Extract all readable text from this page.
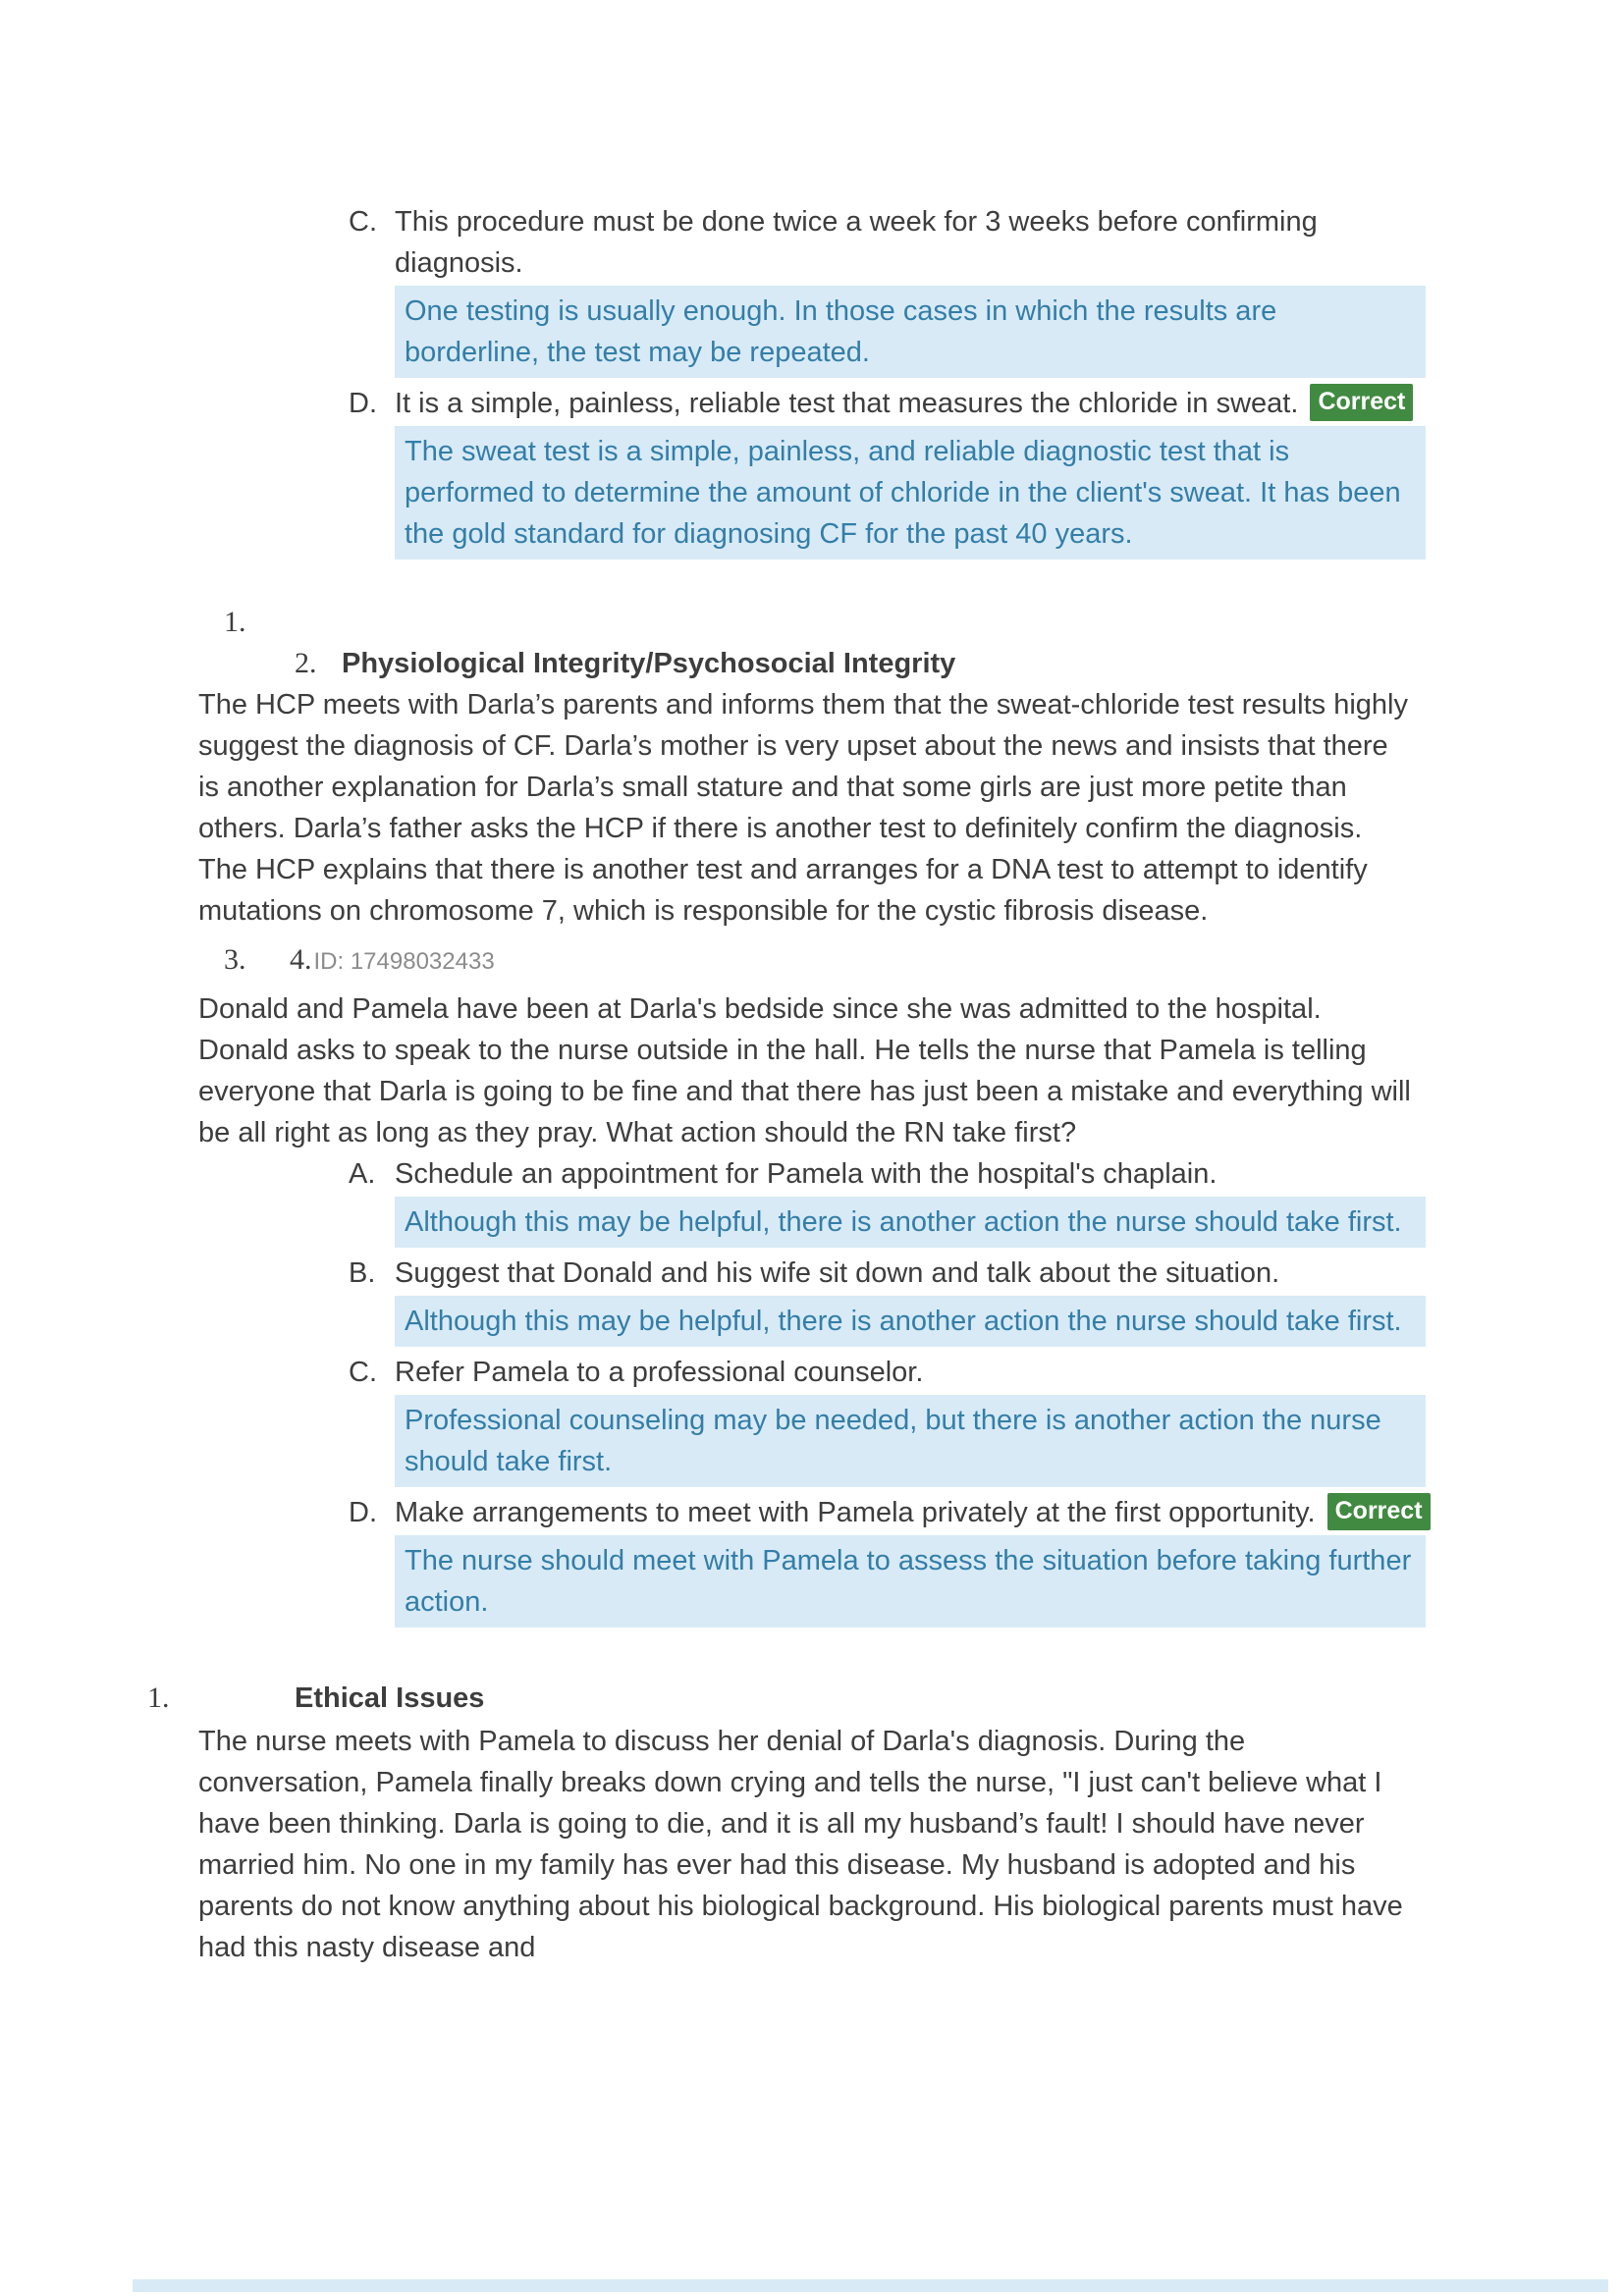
C. This procedure must be done twice a week for 3 weeks before confirming diagnosis.

One testing is usually enough. In those cases in which the results are borderline, the test may be repeated.
D. It is a simple, painless, reliable test that measures the chloride in sweat. Correct

The sweat test is a simple, painless, and reliable diagnostic test that is performed to determine the amount of chloride in the client's sweat. It has been the gold standard for diagnosing CF for the past 40 years.
1.
2. Physiological Integrity/Psychosocial Integrity

The HCP meets with Darla’s parents and informs them that the sweat-chloride test results highly suggest the diagnosis of CF. Darla’s mother is very upset about the news and insists that there is another explanation for Darla’s small stature and that some girls are just more petite than others. Darla’s father asks the HCP if there is another test to definitely confirm the diagnosis. The HCP explains that there is another test and arranges for a DNA test to attempt to identify mutations on chromosome 7, which is responsible for the cystic fibrosis disease.

3. 4.ID: 17498032433

Donald and Pamela have been at Darla's bedside since she was admitted to the hospital. Donald asks to speak to the nurse outside in the hall. He tells the nurse that Pamela is telling everyone that Darla is going to be fine and that there has just been a mistake and everything will be all right as long as they pray. What action should the RN take first?

A. Schedule an appointment for Pamela with the hospital's chaplain.

Although this may be helpful, there is another action the nurse should take first.
B. Suggest that Donald and his wife sit down and talk about the situation.

Although this may be helpful, there is another action the nurse should take first.
C. Refer Pamela to a professional counselor.

Professional counseling may be needed, but there is another action the nurse should take first.
D. Make arrangements to meet with Pamela privately at the first opportunity. Correct

The nurse should meet with Pamela to assess the situation before taking further action.
1.	Ethical Issues

The nurse meets with Pamela to discuss her denial of Darla's diagnosis. During the conversation, Pamela finally breaks down crying and tells the nurse, "I just can't believe what I have been thinking. Darla is going to die, and it is all my husband’s fault! I should have never married him. No one in my family has ever had this disease. My husband is adopted and his parents do not know anything about his biological background. His biological parents must have had this nasty disease and
